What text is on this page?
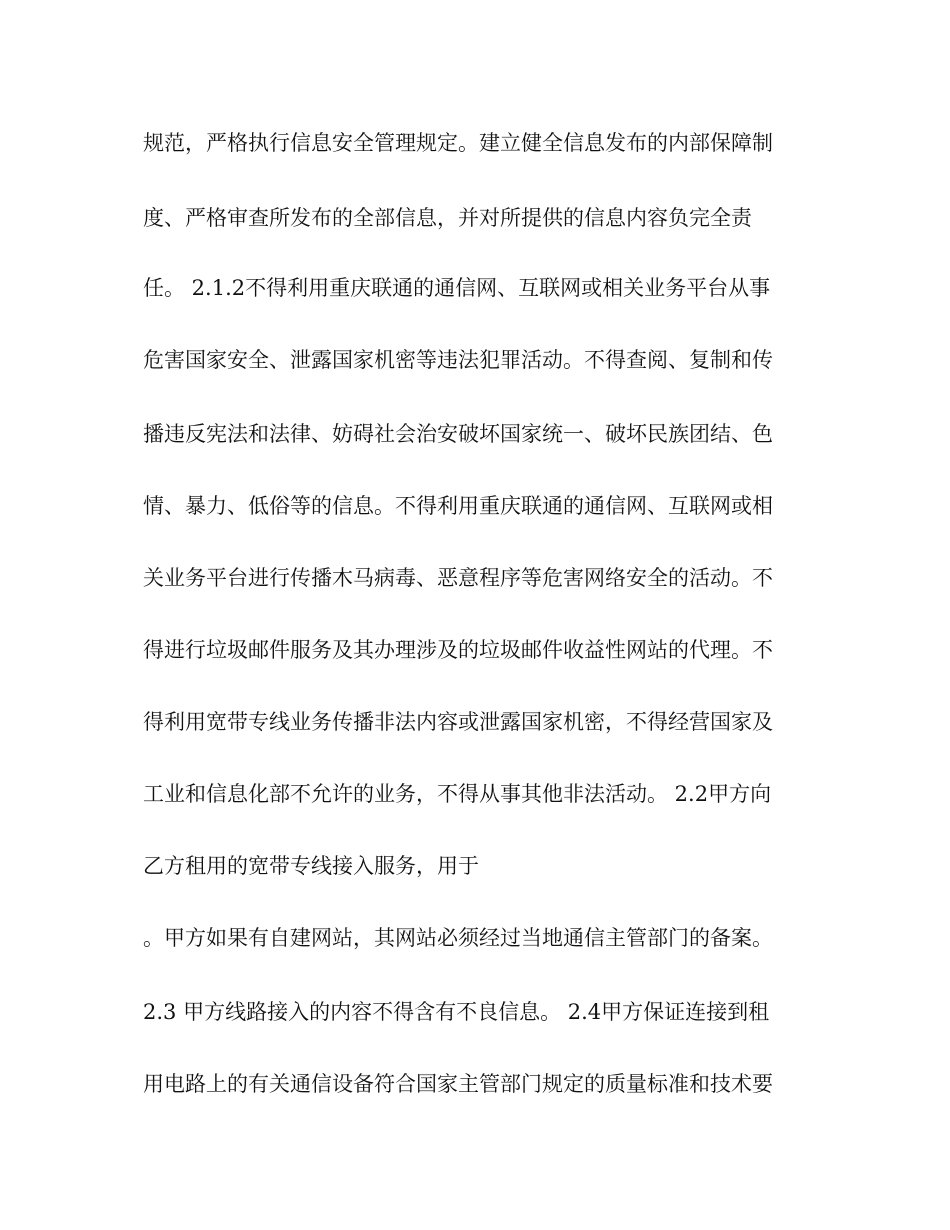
规范，严格执行信息安全管理规定。建立健全信息发布的内部保障制
度、严格审查所发布的全部信息，并对所提供的信息内容负完全责
任。 2.1.2不得利用重庆联通的通信网、互联网或相关业务平台从事
危害国家安全、泄露国家机密等违法犯罪活动。不得查阅、复制和传
播违反宪法和法律、妨碍社会治安破坏国家统一、破坏民族团结、色
情、暴力、低俗等的信息。不得利用重庆联通的通信网、互联网或相
关业务平台进行传播木马病毒、恶意程序等危害网络安全的活动。不
得进行垃圾邮件服务及其办理涉及的垃圾邮件收益性网站的代理。不
得利用宽带专线业务传播非法内容或泄露国家机密，不得经营国家及
工业和信息化部不允许的业务，不得从事其他非法活动。 2.2甲方向
乙方租用的宽带专线接入服务，用于
。甲方如果有自建网站，其网站必须经过当地通信主管部门的备案。
2.3 甲方线路接入的内容不得含有不良信息。 2.4甲方保证连接到租
用电路上的有关通信设备符合国家主管部门规定的质量标准和技术要
